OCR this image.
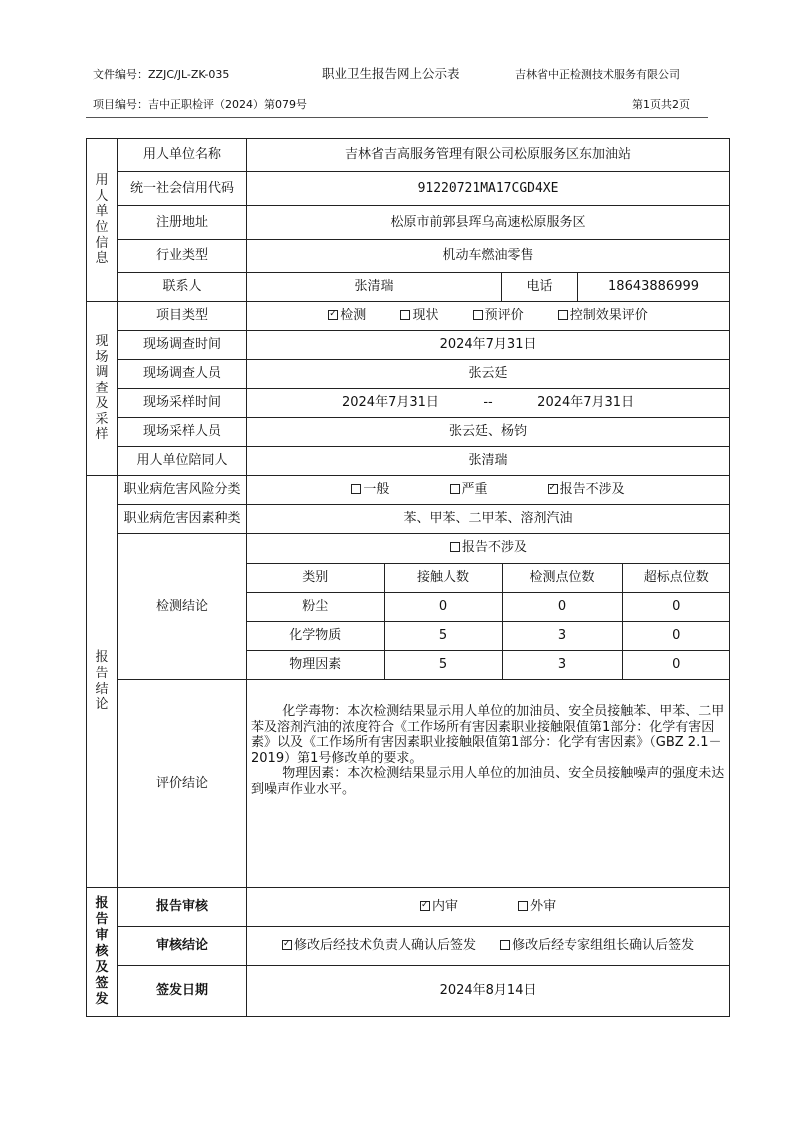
文件编号：ZZJC/JL-ZK-035	职业卫生报告网上公示表	吉林省中正检测技术服务有限公司
项目编号：吉中正职检评（2024）第079号	第1页共2页
用
人
单
位
信
息
	用人单位名称	吉林省吉高服务管理有限公司松原服务区东加油站
统一社会信用代码	91220721MA17CGD4XE
注册地址	松原市前郭县珲乌高速松原服务区
行业类型	机动车燃油零售
联系人	张清瑞	电话	18643886999

现
场
调
查
及
采
样
	项目类型	✓检测	现状	预评价	控制效果评价
现场调查时间	2024年7月31日
现场调查人员	张云廷
现场采样时间	2024年7月31日	--	2024年7月31日
现场采样人员	张云廷、杨钧
用人单位陪同人	张清瑞

报
告
结
论
	职业病危害风险分类	一般	严重 ✓	报告不涉及
职业病危害因素种类	苯、甲苯、二甲苯、溶剂汽油
检测结论	
报告不涉及
类别	接触人数	检测点位数	超标点位数
粉尘	0	0	0
化学物质	5	3	0
物理因素	5	3	0

评价结论	

化学毒物：本次检测结果显示用人单位的加油员、安全员接触苯、甲苯、二甲苯及溶剂汽油的浓度符合《工作场所有害因素职业接触限值第1部分：化学有害因素》以及《工作场所有害因素职业接触限值第1部分：化学有害因素》（GBZ 2.1－2019）第1号修改单的要求。

物理因素：本次检测结果显示用人单位的加油员、安全员接触噪声的强度未达到噪声作业水平。

报
告
审
核
及
签
发
	报告审核	✓内审	外审
审核结论	✓修改后经技术负责人确认后签发	修改后经专家组组长确认后签发
签发日期	2024年8月14日
